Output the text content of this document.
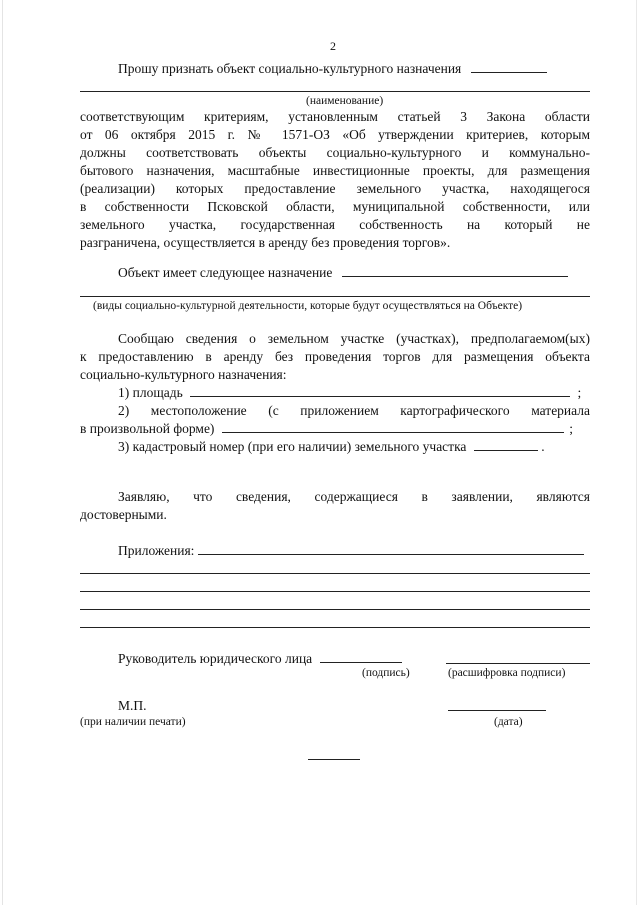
2
Прошу признать объект социально-культурного назначения
(наименование)
соответствующим критериям, установленным статьей 3 Закона области
от 06 октября 2015 г. № 1571-ОЗ «Об утверждении критериев, которым
должны соответствовать объекты социально-культурного и коммунально-
бытового назначения, масштабные инвестиционные проекты, для размещения
(реализации) которых предоставление земельного участка, находящегося
в собственности Псковской области, муниципальной собственности, или
земельного участка, государственная собственность на который не
разграничена, осуществляется в аренду без проведения торгов».
Объект имеет следующее назначение
(виды социально-культурной деятельности, которые будут осуществляться на Объекте)
Сообщаю сведения о земельном участке (участках), предполагаемом(ых)
к предоставлению в аренду без проведения торгов для размещения объекта
социально-культурного назначения:
1) площадь	;
2) местоположение (с приложением картографического материала
в произвольной форме)	;
3) кадастровый номер (при его наличии) земельного участка	.
Заявляю, что сведения, содержащиеся в заявлении, являются
достоверными.
Приложения:
Руководитель юридического лица
(подпись)	(расшифровка подписи)
М.П.
(при наличии печати)	(дата)
